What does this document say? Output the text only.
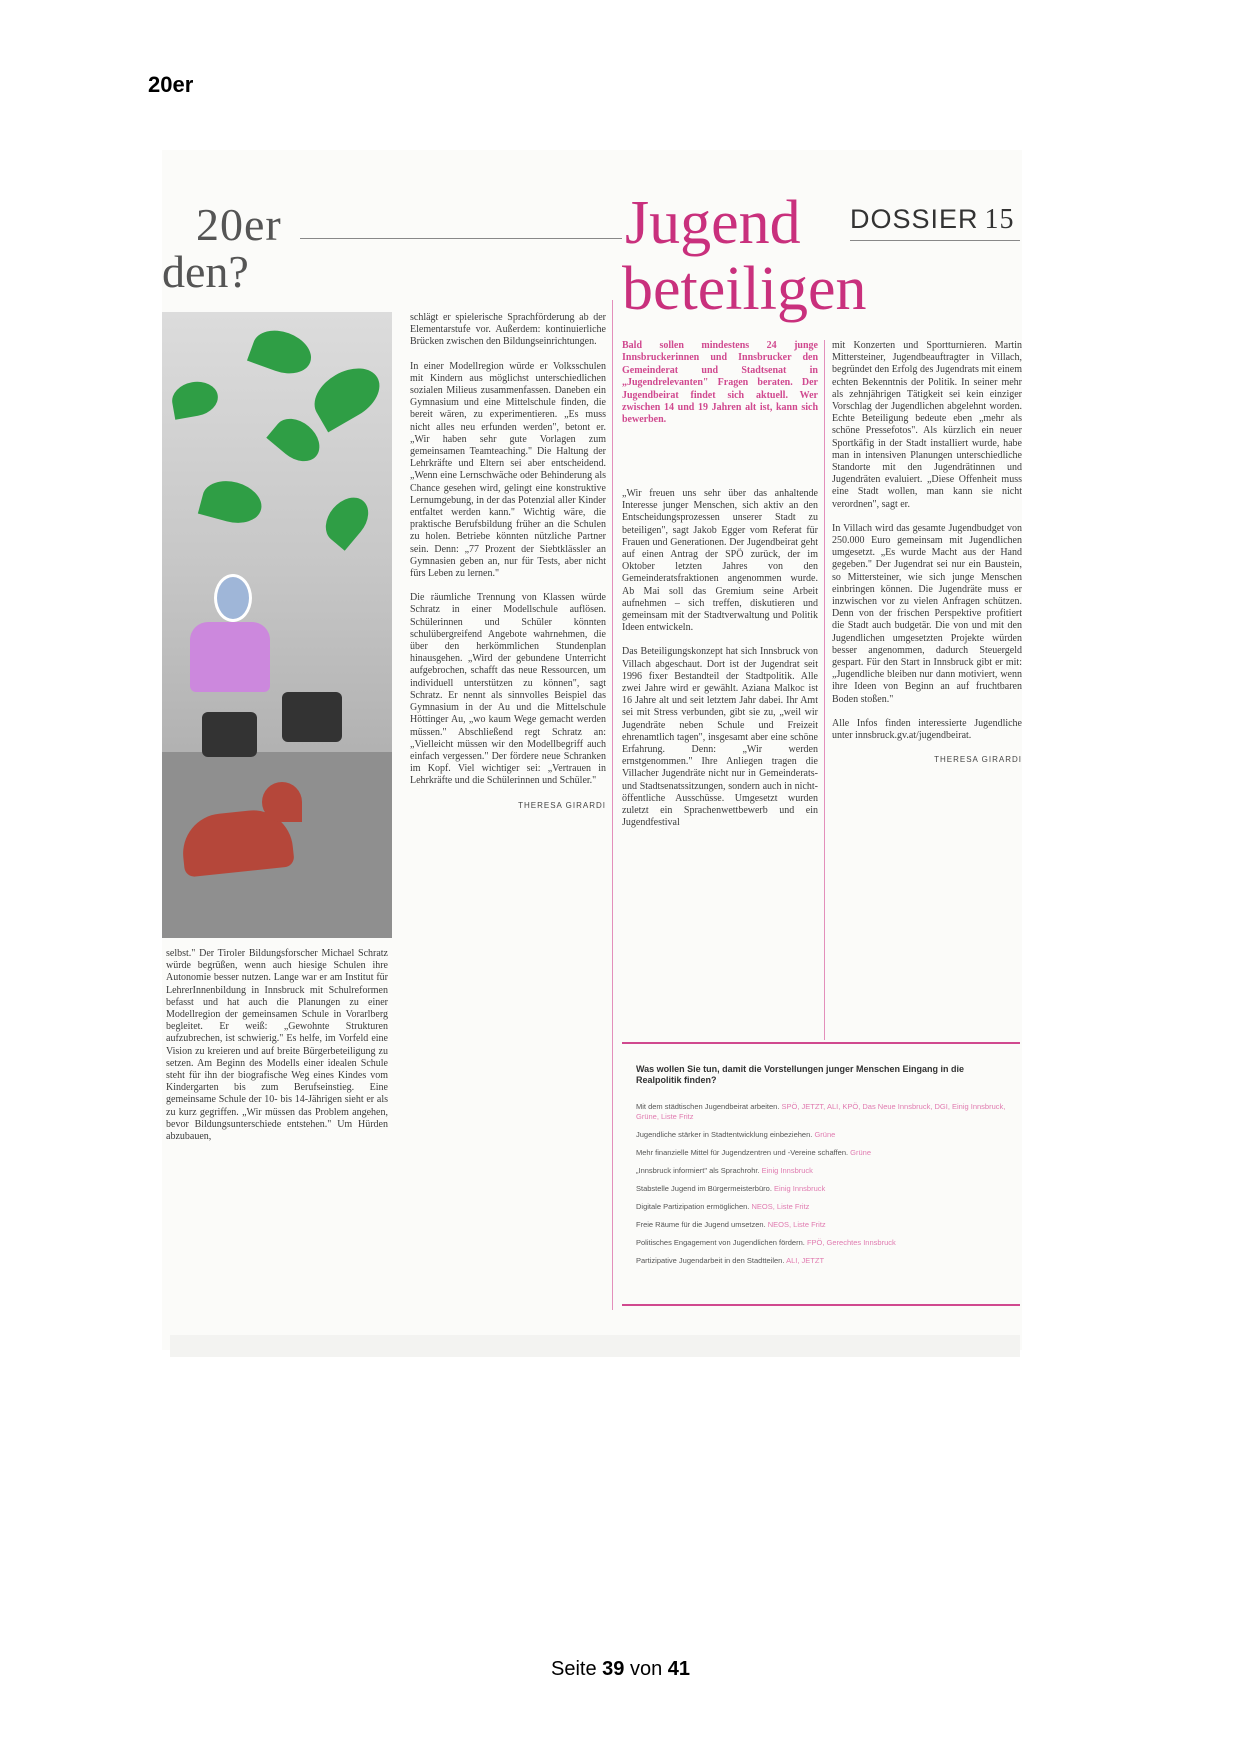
20er
20er
den?
Jugend
beteiligen
DOSSIER 15

selbst." Der Tiroler Bildungsforscher Michael Schratz würde begrüßen, wenn auch hiesige Schulen ihre Autonomie besser nutzen. Lange war er am Institut für LehrerInnenbildung in Innsbruck mit Schulreformen befasst und hat auch die Planungen zu einer Modellregion der gemeinsamen Schule in Vorarlberg begleitet. Er weiß: „Gewohnte Strukturen aufzubrechen, ist schwierig." Es helfe, im Vorfeld eine Vision zu kreieren und auf breite Bürgerbeteiligung zu setzen. Am Beginn des Modells einer idealen Schule steht für ihn der biografische Weg eines Kindes vom Kindergarten bis zum Berufseinstieg. Eine gemeinsame Schule der 10- bis 14-Jährigen sieht er als zu kurz gegriffen. „Wir müssen das Problem angehen, bevor Bildungsunterschiede entstehen." Um Hürden abzubauen,

schlägt er spielerische Sprachförderung ab der Elementarstufe vor. Außerdem: kontinuierliche Brücken zwischen den Bildungseinrichtungen.

In einer Modellregion würde er Volksschulen mit Kindern aus möglichst unterschiedlichen sozialen Milieus zusammenfassen. Daneben ein Gymnasium und eine Mittelschule finden, die bereit wären, zu experimentieren. „Es muss nicht alles neu erfunden werden", betont er. „Wir haben sehr gute Vorlagen zum gemeinsamen Teamteaching." Die Haltung der Lehrkräfte und Eltern sei aber entscheidend. „Wenn eine Lernschwäche oder Behinderung als Chance gesehen wird, gelingt eine konstruktive Lernumgebung, in der das Potenzial aller Kinder entfaltet werden kann." Wichtig wäre, die praktische Berufsbildung früher an die Schulen zu holen. Betriebe könnten nützliche Partner sein. Denn: „77 Prozent der Siebtklässler an Gymnasien geben an, nur für Tests, aber nicht fürs Leben zu lernen."

Die räumliche Trennung von Klassen würde Schratz in einer Modellschule auflösen. Schülerinnen und Schüler könnten schulübergreifend Angebote wahrnehmen, die über den herkömmlichen Stundenplan hinausgehen. „Wird der gebundene Unterricht aufgebrochen, schafft das neue Ressourcen, um individuell unterstützen zu können", sagt Schratz. Er nennt als sinnvolles Beispiel das Gymnasium in der Au und die Mittelschule Höttinger Au, „wo kaum Wege gemacht werden müssen." Abschließend regt Schratz an: „Vielleicht müssen wir den Modellbegriff auch einfach vergessen." Der fördere neue Schranken im Kopf. Viel wichtiger sei: „Vertrauen in Lehrkräfte und die Schülerinnen und Schüler."

THERESA GIRARDI
Bald sollen mindestens 24 junge Innsbruckerinnen und Innsbrucker den Gemeinderat und Stadtsenat in „Jugendrelevanten" Fragen beraten. Der Jugendbeirat findet sich aktuell. Wer zwischen 14 und 19 Jahren alt ist, kann sich bewerben.

„Wir freuen uns sehr über das anhaltende Interesse junger Menschen, sich aktiv an den Entscheidungsprozessen unserer Stadt zu beteiligen", sagt Jakob Egger vom Referat für Frauen und Generationen. Der Jugendbeirat geht auf einen Antrag der SPÖ zurück, der im Oktober letzten Jahres von den Gemeinderatsfraktionen angenommen wurde. Ab Mai soll das Gremium seine Arbeit aufnehmen – sich treffen, diskutieren und gemeinsam mit der Stadtverwaltung und Politik Ideen entwickeln.

Das Beteiligungskonzept hat sich Innsbruck von Villach abgeschaut. Dort ist der Jugendrat seit 1996 fixer Bestandteil der Stadtpolitik. Alle zwei Jahre wird er gewählt. Aziana Malkoc ist 16 Jahre alt und seit letztem Jahr dabei. Ihr Amt sei mit Stress verbunden, gibt sie zu, „weil wir Jugendräte neben Schule und Freizeit ehrenamtlich tagen", insgesamt aber eine schöne Erfahrung. Denn: „Wir werden ernstgenommen." Ihre Anliegen tragen die Villacher Jugendräte nicht nur in Gemeinderats- und Stadtsenatssitzungen, sondern auch in nicht-öffentliche Ausschüsse. Umgesetzt wurden zuletzt ein Sprachenwettbewerb und ein Jugendfestival

mit Konzerten und Sportturnieren. Martin Mittersteiner, Jugendbeauftragter in Villach, begründet den Erfolg des Jugendrats mit einem echten Bekenntnis der Politik. In seiner mehr als zehnjährigen Tätigkeit sei kein einziger Vorschlag der Jugendlichen abgelehnt worden. Echte Beteiligung bedeute eben „mehr als schöne Pressefotos". Als kürzlich ein neuer Sportkäfig in der Stadt installiert wurde, habe man in intensiven Planungen unterschiedliche Standorte mit den Jugendrätinnen und Jugendräten evaluiert. „Diese Offenheit muss eine Stadt wollen, man kann sie nicht verordnen", sagt er.

In Villach wird das gesamte Jugendbudget von 250.000 Euro gemeinsam mit Jugendlichen umgesetzt. „Es wurde Macht aus der Hand gegeben." Der Jugendrat sei nur ein Baustein, so Mittersteiner, wie sich junge Menschen einbringen können. Die Jugendräte muss er inzwischen vor zu vielen Anfragen schützen. Denn von der frischen Perspektive profitiert die Stadt auch budgetär. Die von und mit den Jugendlichen umgesetzten Projekte würden besser angenommen, dadurch Steuergeld gespart. Für den Start in Innsbruck gibt er mit: „Jugendliche bleiben nur dann motiviert, wenn ihre Ideen von Beginn an auf fruchtbaren Boden stoßen."

Alle Infos finden interessierte Jugendliche unter innsbruck.gv.at/jugendbeirat.

THERESA GIRARDI
Was wollen Sie tun, damit die Vorstellungen junger Menschen Eingang in die Realpolitik finden?
Mit dem städtischen Jugendbeirat arbeiten. SPÖ, JETZT, ALI, KPÖ, Das Neue Innsbruck, DGI, Einig Innsbruck, Grüne, Liste Fritz
Jugendliche stärker in Stadtentwicklung einbeziehen. Grüne
Mehr finanzielle Mittel für Jugendzentren und -Vereine schaffen. Grüne
„Innsbruck informiert" als Sprachrohr. Einig Innsbruck
Stabstelle Jugend im Bürgermeisterbüro. Einig Innsbruck
Digitale Partizipation ermöglichen. NEOS, Liste Fritz
Freie Räume für die Jugend umsetzen. NEOS, Liste Fritz
Politisches Engagement von Jugendlichen fördern. FPÖ, Gerechtes Innsbruck
Partizipative Jugendarbeit in den Stadtteilen. ALI, JETZT
Seite 39 von 41
